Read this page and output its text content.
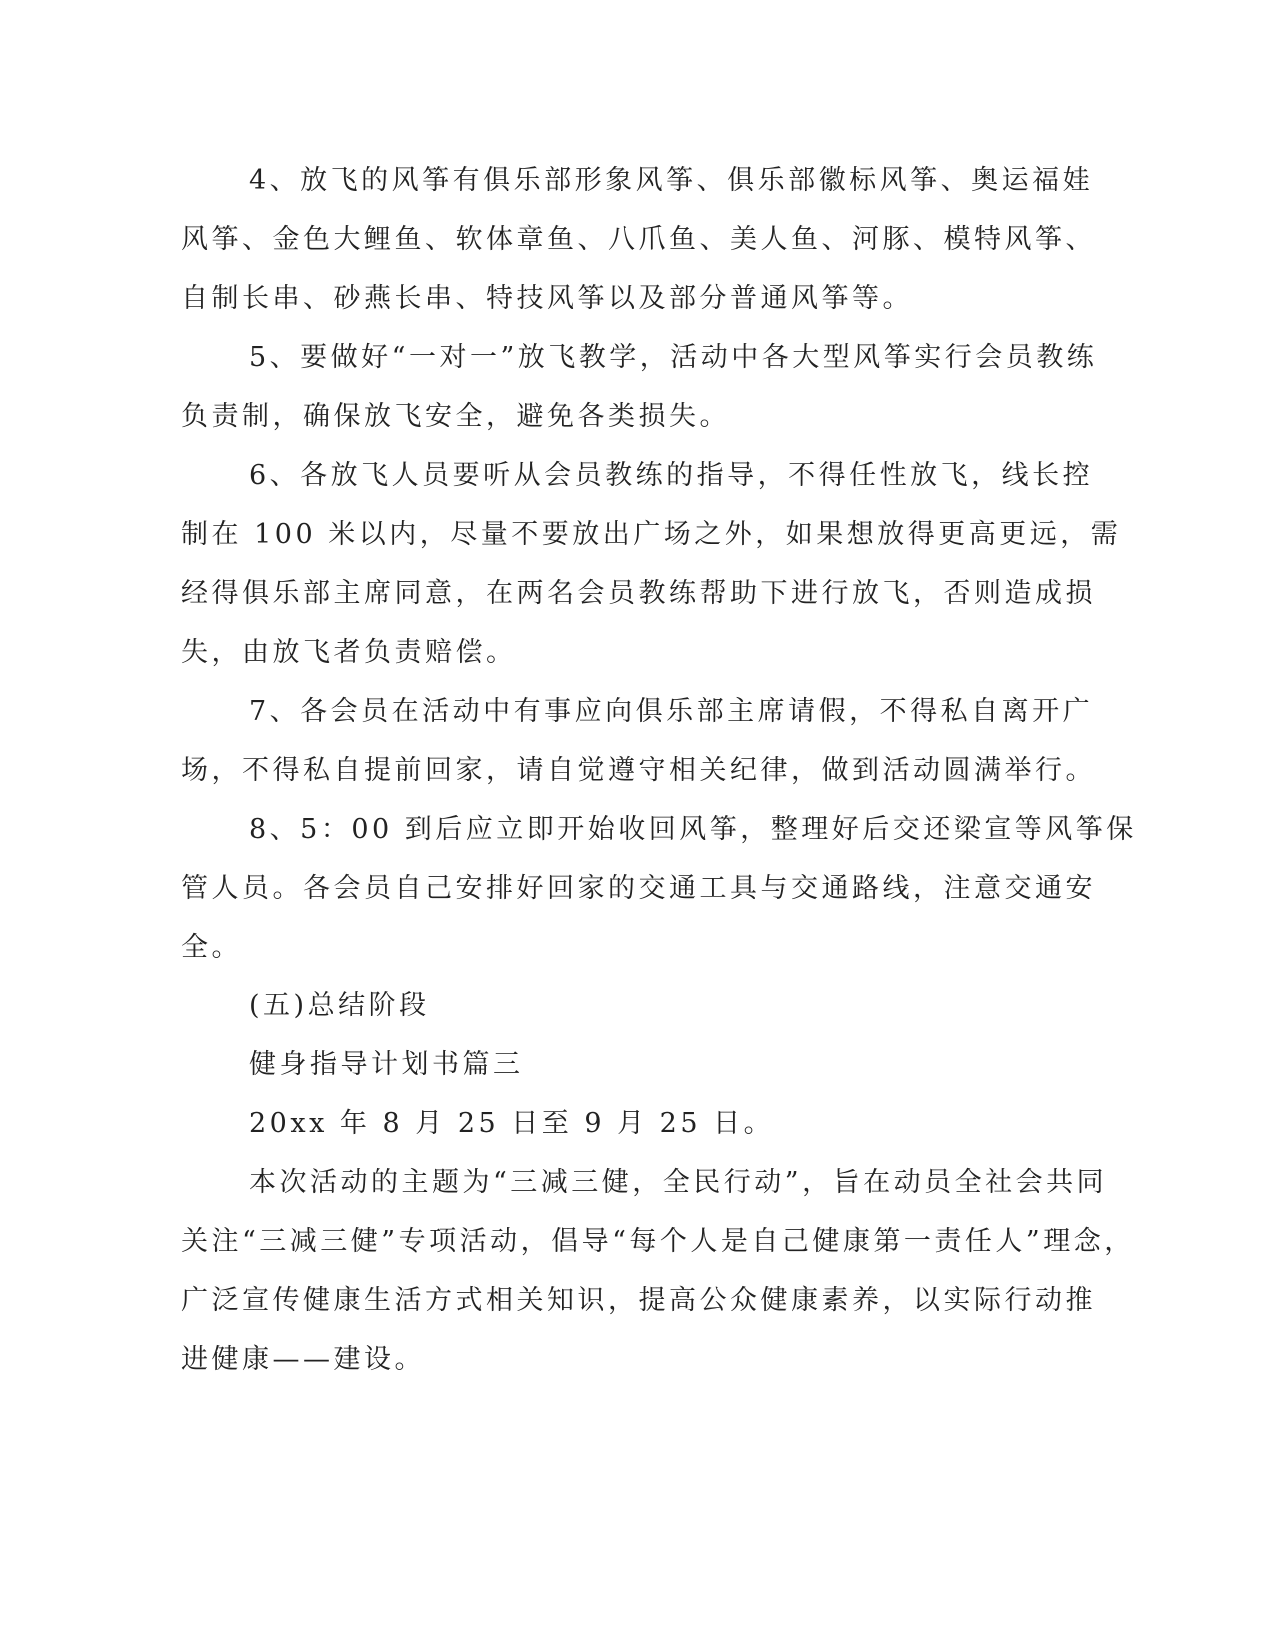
4、放飞的风筝有俱乐部形象风筝、俱乐部徽标风筝、奥运福娃
风筝、金色大鲤鱼、软体章鱼、八爪鱼、美人鱼、河豚、模特风筝、
自制长串、砂燕长串、特技风筝以及部分普通风筝等。
5、要做好“一对一”放飞教学，活动中各大型风筝实行会员教练
负责制，确保放飞安全，避免各类损失。
6、各放飞人员要听从会员教练的指导，不得任性放飞，线长控
制在 100 米以内，尽量不要放出广场之外，如果想放得更高更远，需
经得俱乐部主席同意，在两名会员教练帮助下进行放飞，否则造成损
失，由放飞者负责赔偿。
7、各会员在活动中有事应向俱乐部主席请假，不得私自离开广
场，不得私自提前回家，请自觉遵守相关纪律，做到活动圆满举行。
8、5：00 到后应立即开始收回风筝，整理好后交还梁宣等风筝保
管人员。各会员自己安排好回家的交通工具与交通路线，注意交通安
全。
(五)总结阶段
健身指导计划书篇三
20xx 年 8 月 25 日至 9 月 25 日。
本次活动的主题为“三减三健，全民行动”，旨在动员全社会共同
关注“三减三健”专项活动，倡导“每个人是自己健康第一责任人”理念，
广泛宣传健康生活方式相关知识，提高公众健康素养，以实际行动推
进健康——建设。
